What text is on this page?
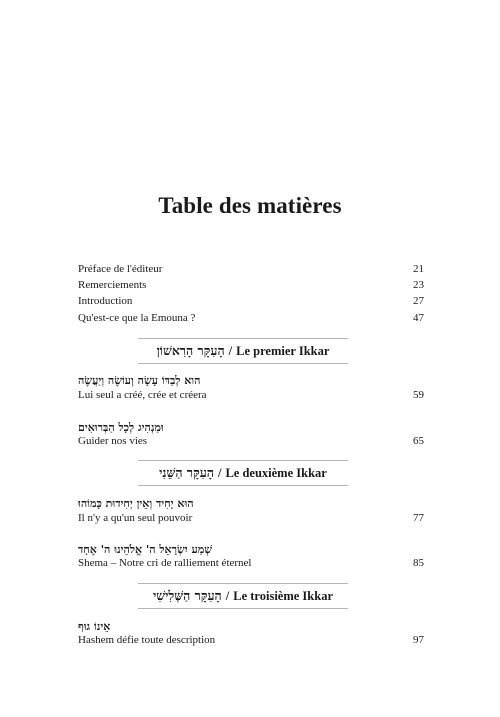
Table des matières
Préface de l'éditeur	21
Remerciements	23
Introduction	27
Qu'est-ce que la Emouna ?	47
הָעִקָּר הָרִאשׁוֹן / Le premier Ikkar
הוא לְבַדּוֹ עָשָׂה וְעוֹשֶׂה וְיַעֲשֶׂה
Lui seul a créé, crée et créera	59
וּמַנְהִיג לְכָל הַבְּרוּאִים
Guider nos vies	65
הָעִקָּר הַשֵּׁנִי / Le deuxième Ikkar
הוּא יָחִיד וְאֵין יְחִידוּת כָּמוֹהוּ
Il n'y a qu'un seul pouvoir	77
שְׁמַע יִשְׂרָאֵל ה' אֱלֹהֵינוּ ה' אֶחָד
Shema – Notre cri de ralliement éternel	85
הָעִקָּר הַשְּׁלִישִׁי / Le troisième Ikkar
אֵינוֹ גוּף
Hashem défie toute description	97
